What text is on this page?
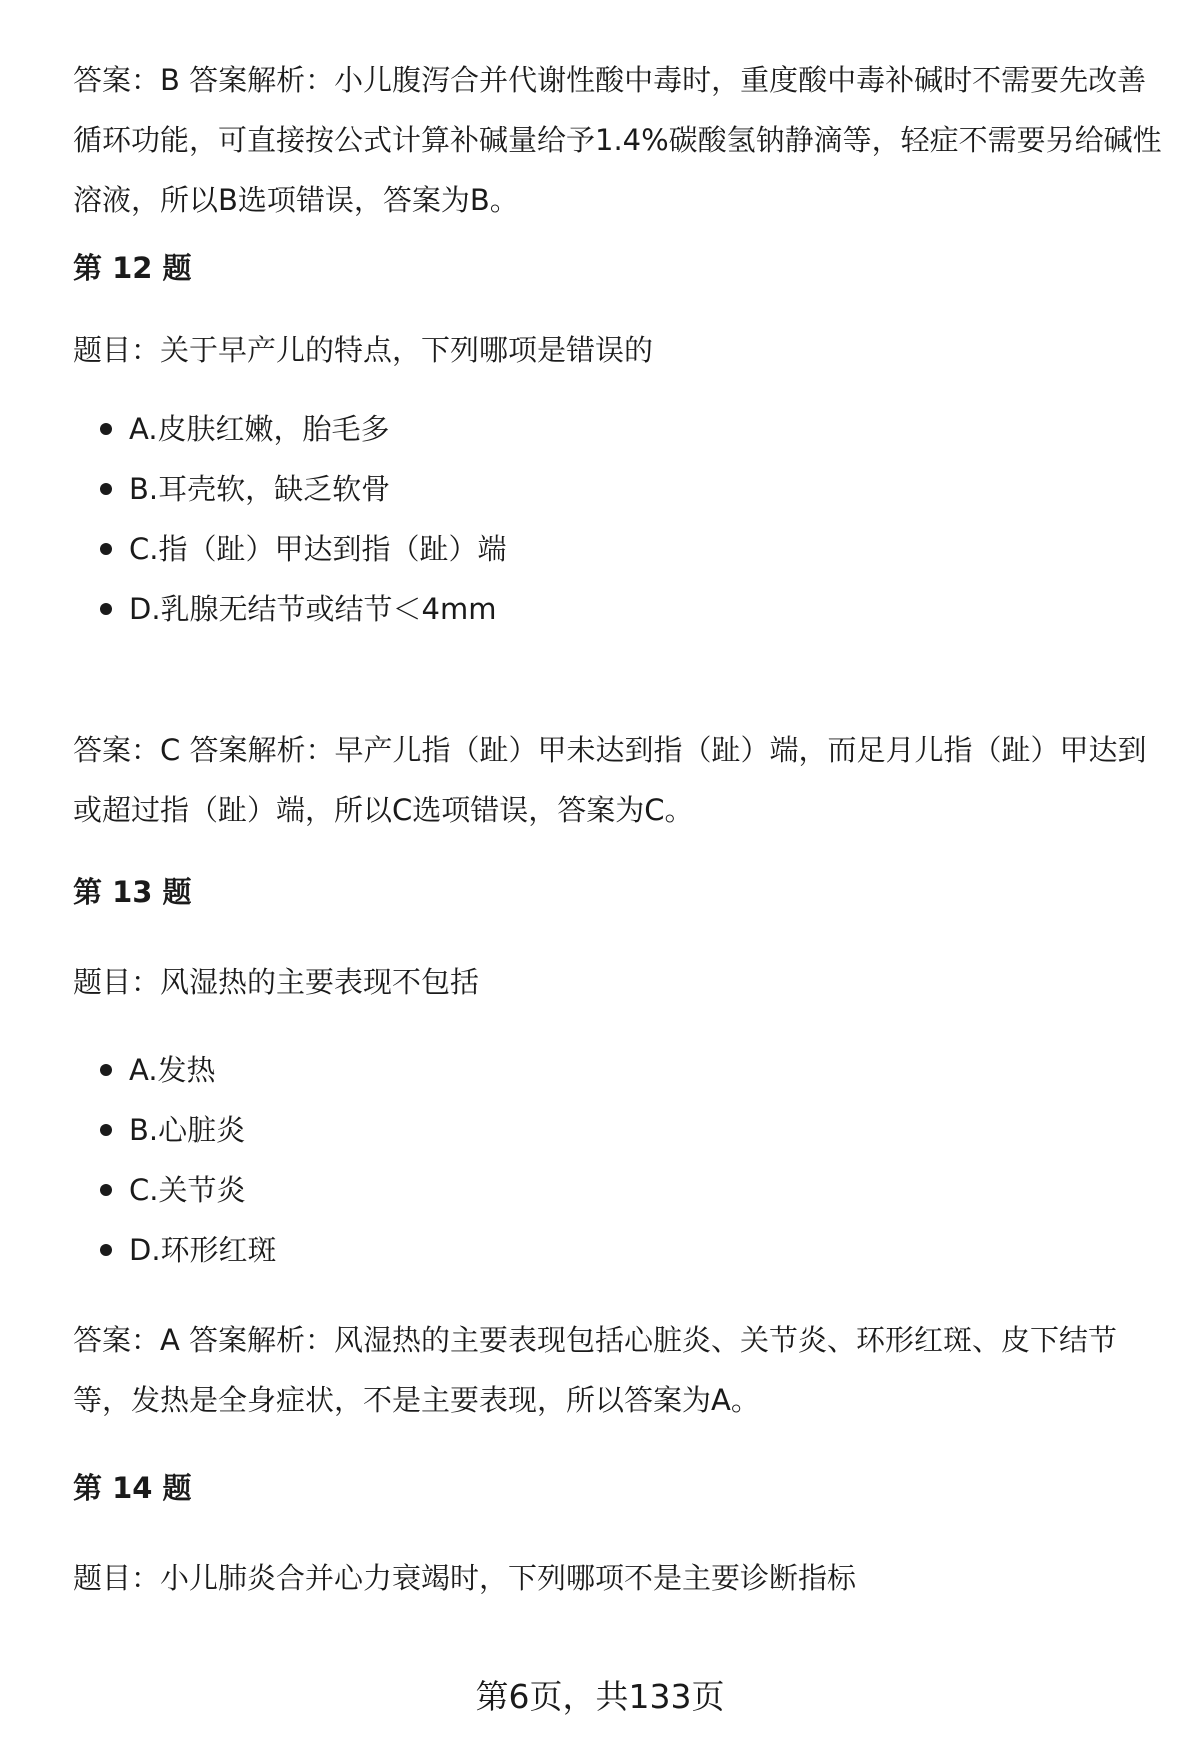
答案：B 答案解析：小儿腹泻合并代谢性酸中毒时，重度酸中毒补碱时不需要先改善循环功能，可直接按公式计算补碱量给予1.4%碳酸氢钠静滴等，轻症不需要另给碱性溶液，所以B选项错误，答案为B。

第 12 题

题目：关于早产儿的特点，下列哪项是错误的

A.皮肤红嫩，胎毛多
B.耳壳软，缺乏软骨
C.指（趾）甲达到指（趾）端
D.乳腺无结节或结节＜4mm

答案：C 答案解析：早产儿指（趾）甲未达到指（趾）端，而足月儿指（趾）甲达到或超过指（趾）端，所以C选项错误，答案为C。

第 13 题

题目：风湿热的主要表现不包括

A.发热
B.心脏炎
C.关节炎
D.环形红斑

答案：A 答案解析：风湿热的主要表现包括心脏炎、关节炎、环形红斑、皮下结节等，发热是全身症状，不是主要表现，所以答案为A。

第 14 题

题目：小儿肺炎合并心力衰竭时，下列哪项不是主要诊断指标

第6页，共133页
